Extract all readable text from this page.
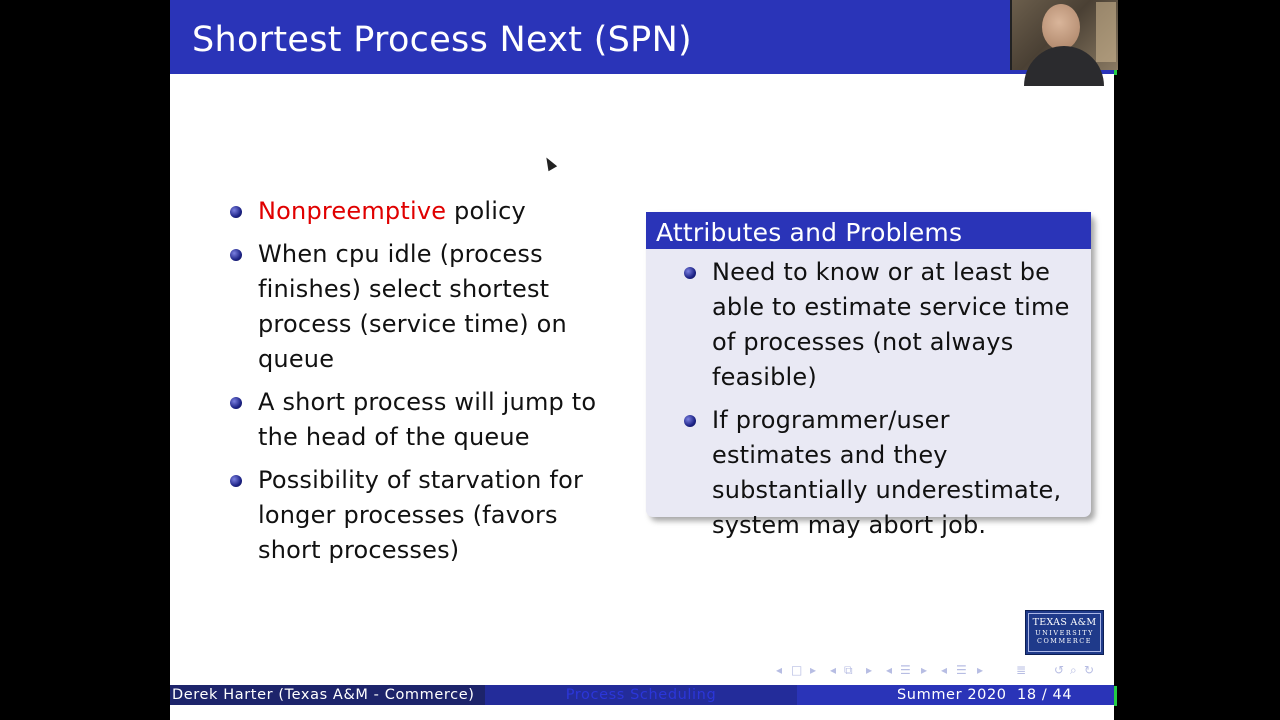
Shortest Process Next (SPN)
Nonpreemptive policy
When cpu idle (process finishes) select shortest process (service time) on queue
A short process will jump to the head of the queue
Possibility of starvation for longer processes (favors short processes)
Attributes and Problems
Need to know or at least be able to estimate service time of processes (not always feasible)
If programmer/user estimates and they substantially underestimate, system may abort job.
TEXAS A&M
UNIVERSITY
COMMERCE
◂ □ ▸ ◂ ⧉ ▸ ◂ ☰ ▸ ◂ ☰ ▸	≣ ↺ ⌕ ↻
Derek Harter (Texas A&M - Commerce)	Process Scheduling	Summer 2020 18 / 44
